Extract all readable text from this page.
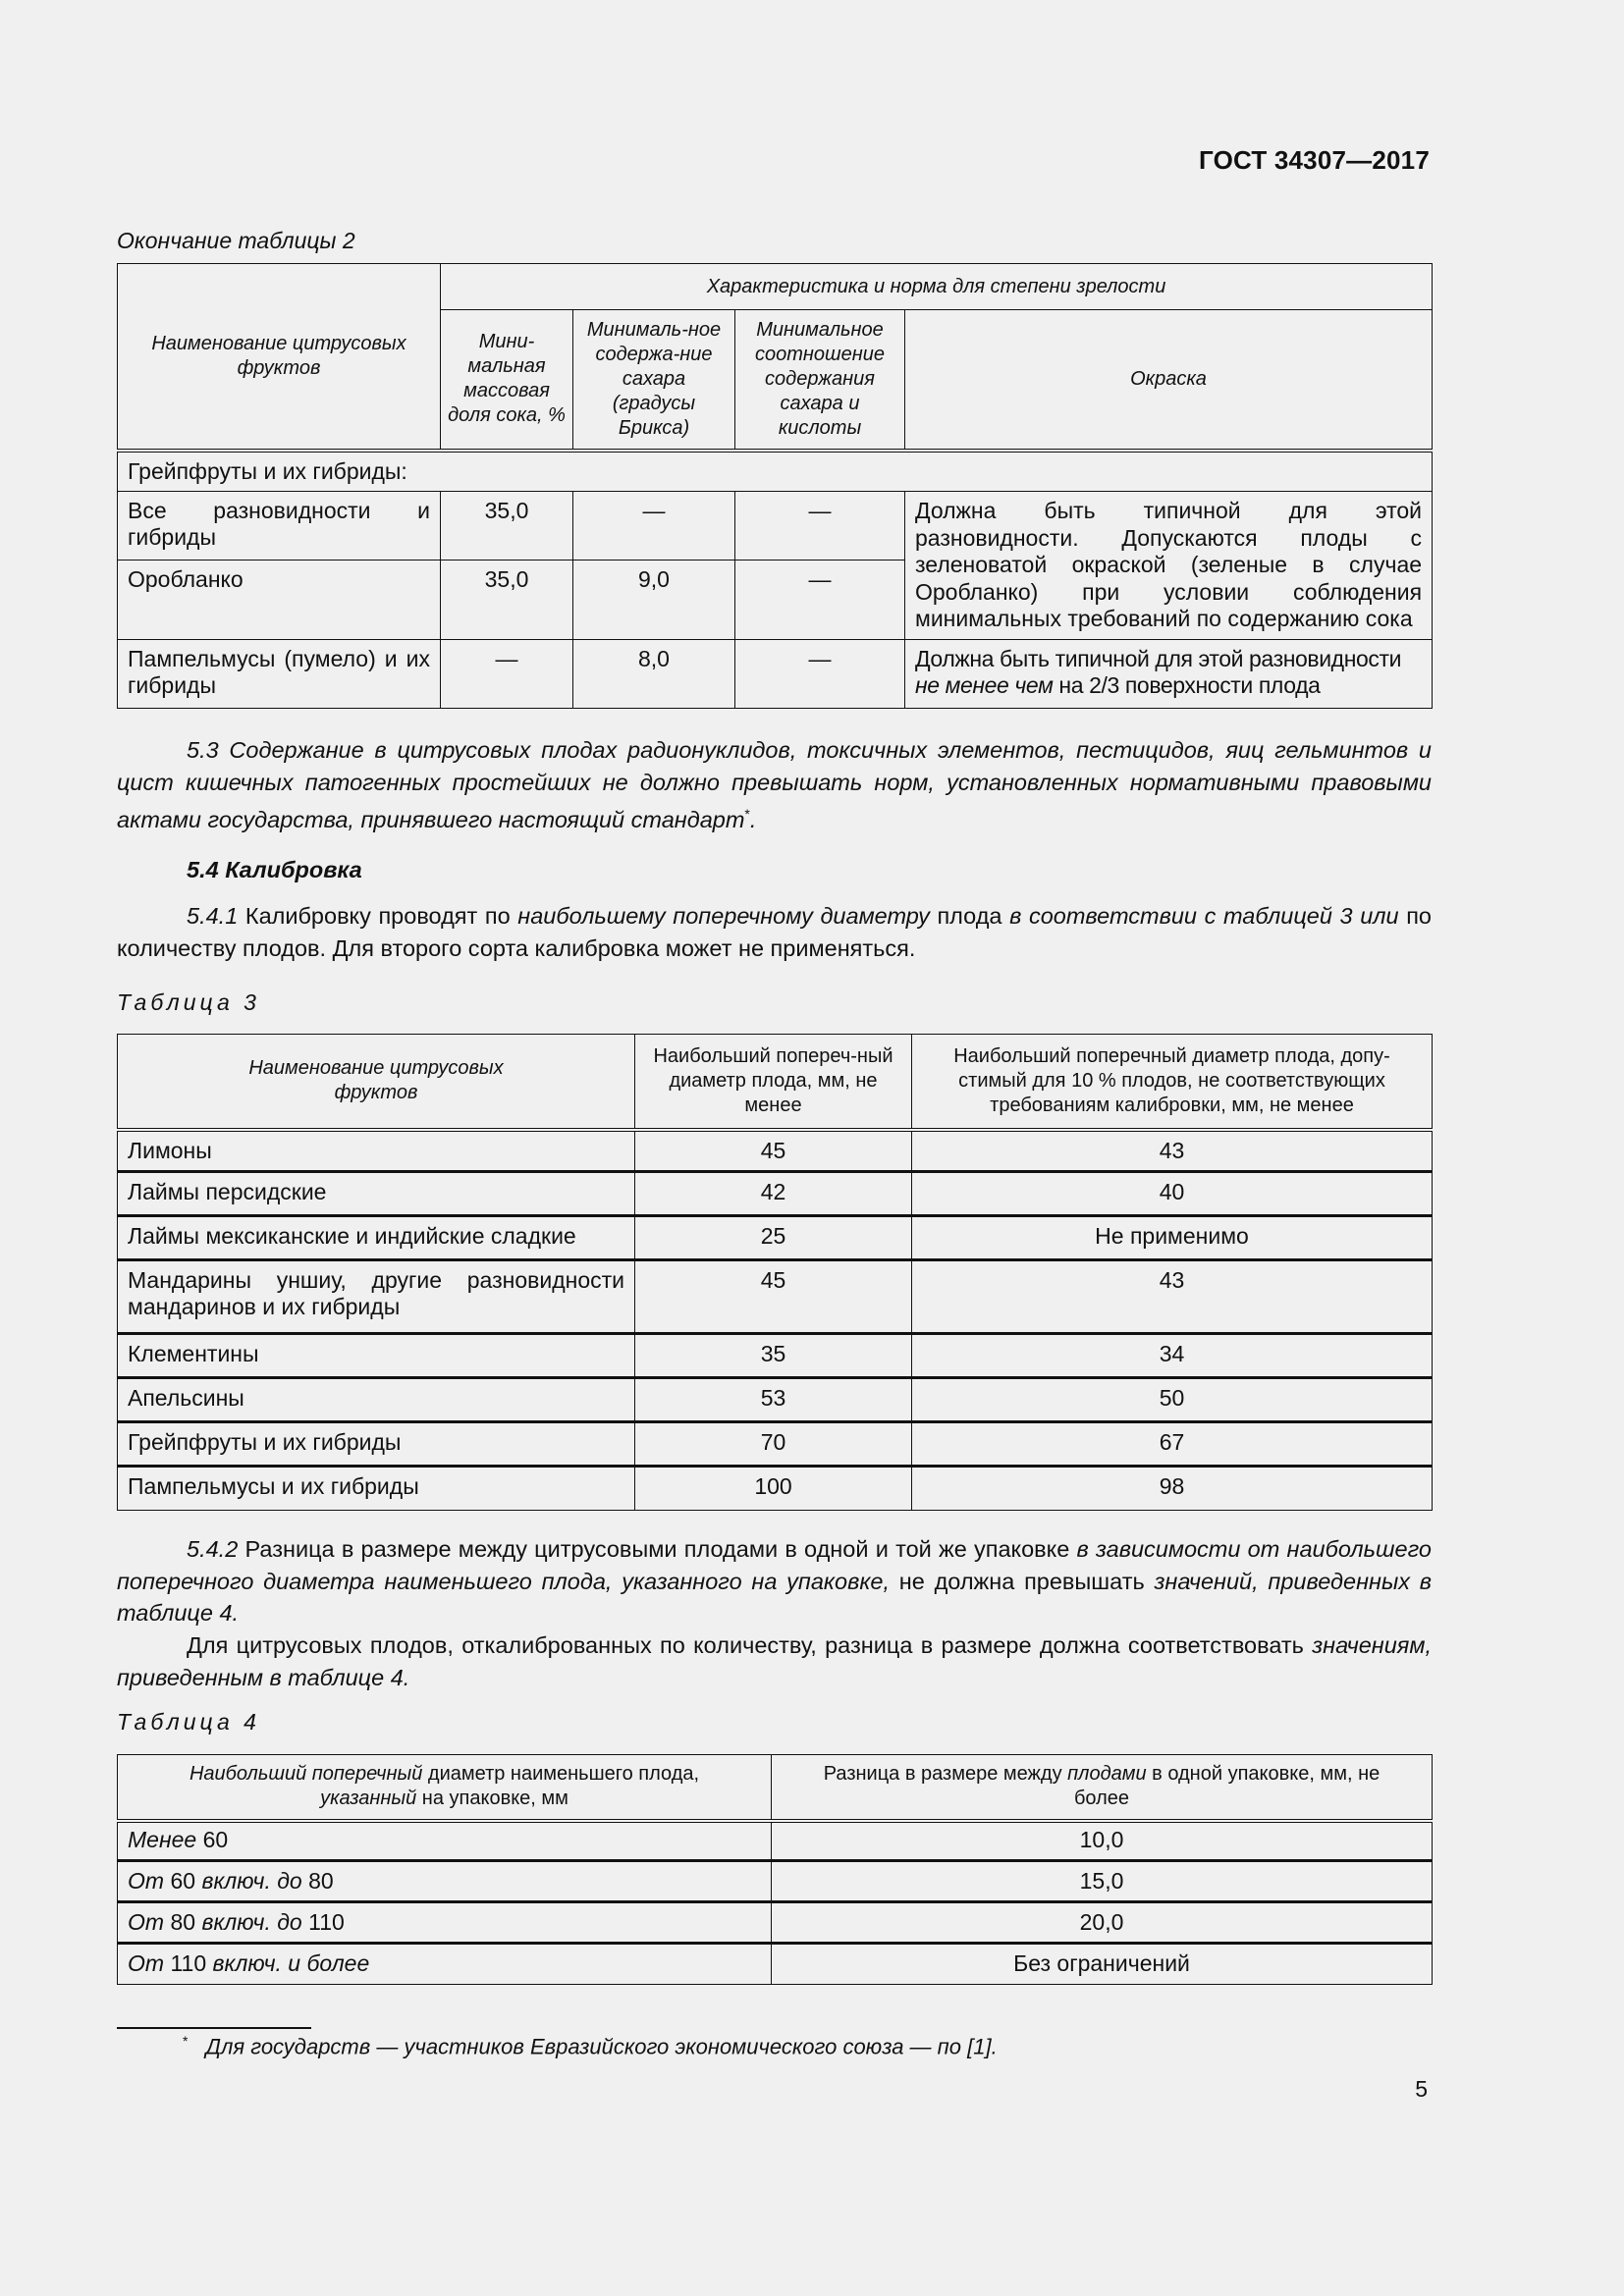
ГОСТ 34307—2017
Окончание таблицы 2
Наименование цитрусовых фруктов	Характеристика и норма для степени зрелости			
	Мини-мальная массовая доля сока, %	Минималь-ное содержа-ние сахара (градусы Брикса)	Минимальное соотношение содержания сахара и кислоты	Окраска
Грейпфруты и их гибриды:				
Все разновидности и гибриды	35,0	—	—	Должна быть типичной для этой разновидности. Допускаются плоды с зеленоватой окраской (зеленые в случае Оробланко) при условии соблюдения минимальных требований по содержанию сока
Оробланко	35,0	9,0	—	
Пампельмусы (пумело) и их гибриды	—	8,0	—	Должна быть типичной для этой разновидности не менее чем на 2/3 поверхности плода
5.3 Содержание в цитрусовых плодах радионуклидов, токсичных элементов, пестицидов, яиц гельминтов и цист кишечных патогенных простейших не должно превышать норм, установленных нормативными правовыми актами государства, принявшего настоящий стандарт*.
5.4 Калибровка
5.4.1 Калибровку проводят по наибольшему поперечному диаметру плода в соответствии с таблицей 3 или по количеству плодов. Для второго сорта калибровка может не применяться.
Таблица 3
Наименование цитрусовых фруктов	Наибольший попереч-ный диаметр плода, мм, не менее	Наибольший поперечный диаметр плода, допу-стимый для 10 % плодов, не соответствующих требованиям калибровки, мм, не менее
Лимоны	45	43
Лаймы персидские	42	40
Лаймы мексиканские и индийские сладкие	25	Не применимо
Мандарины уншиу, другие разновидности мандаринов и их гибриды	45	43
Клементины	35	34
Апельсины	53	50
Грейпфруты и их гибриды	70	67
Пампельмусы и их гибриды	100	98
5.4.2 Разница в размере между цитрусовыми плодами в одной и той же упаковке в зависимости от наибольшего поперечного диаметра наименьшего плода, указанного на упаковке, не должна превышать значений, приведенных в таблице 4.
Для цитрусовых плодов, откалиброванных по количеству, разница в размере должна соответствовать значениям, приведенным в таблице 4.
Таблица 4
Наибольший поперечный диаметр наименьшего плода,
указанный на упаковке, мм	Разница в размере между плодами в одной упаковке, мм, не более
Менее 60	10,0
От 60 включ. до 80	15,0
От 80 включ. до 110	20,0
От 110 включ. и более	Без ограничений
* Для государств — участников Евразийского экономического союза — по [1].
5
